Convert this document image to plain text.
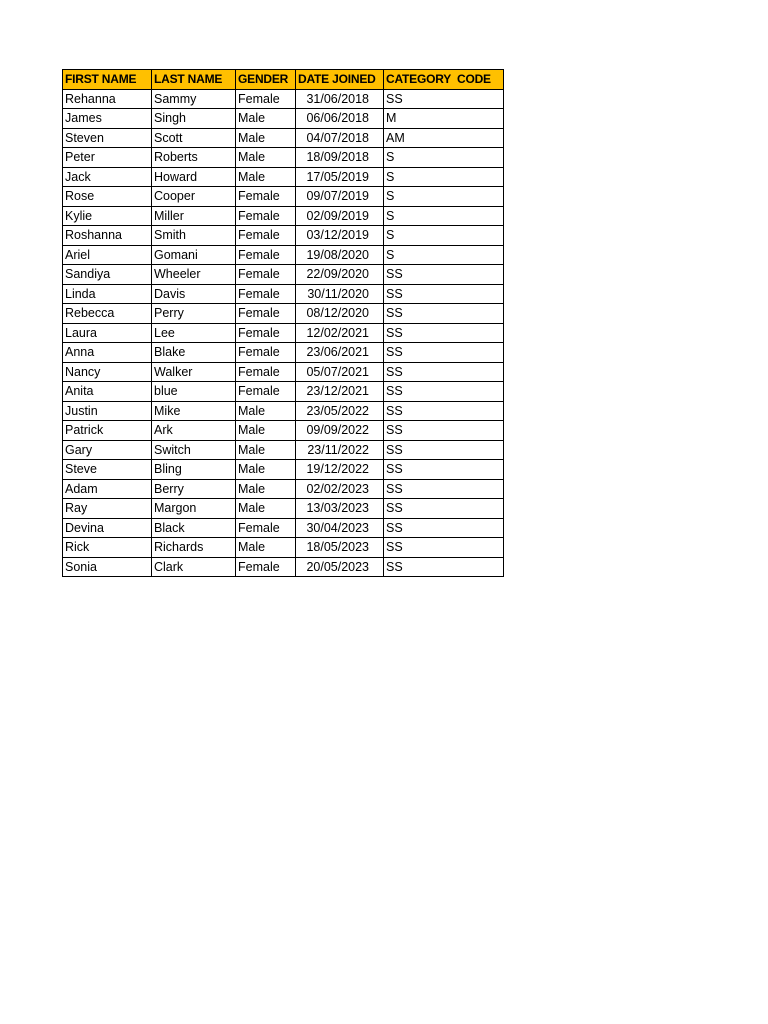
FIRST NAME	LAST NAME	GENDER	DATE JOINED	CATEGORY CODE
Rehanna	Sammy	Female	31/06/2018	SS
James	Singh	Male	06/06/2018	M
Steven	Scott	Male	04/07/2018	AM
Peter	Roberts	Male	18/09/2018	S
Jack	Howard	Male	17/05/2019	S
Rose	Cooper	Female	09/07/2019	S
Kylie	Miller	Female	02/09/2019	S
Roshanna	Smith	Female	03/12/2019	S
Ariel	Gomani	Female	19/08/2020	S
Sandiya	Wheeler	Female	22/09/2020	SS
Linda	Davis	Female	30/11/2020	SS
Rebecca	Perry	Female	08/12/2020	SS
Laura	Lee	Female	12/02/2021	SS
Anna	Blake	Female	23/06/2021	SS
Nancy	Walker	Female	05/07/2021	SS
Anita	blue	Female	23/12/2021	SS
Justin	Mike	Male	23/05/2022	SS
Patrick	Ark	Male	09/09/2022	SS
Gary	Switch	Male	23/11/2022	SS
Steve	Bling	Male	19/12/2022	SS
Adam	Berry	Male	02/02/2023	SS
Ray	Margon	Male	13/03/2023	SS
Devina	Black	Female	30/04/2023	SS
Rick	Richards	Male	18/05/2023	SS
Sonia	Clark	Female	20/05/2023	SS
